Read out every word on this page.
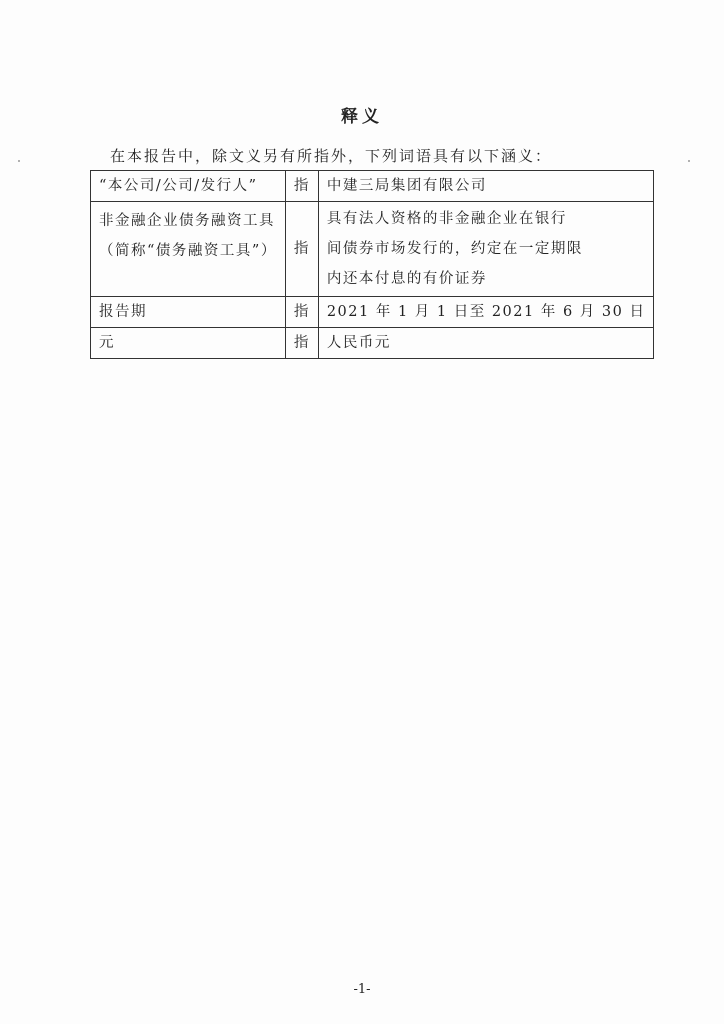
释义
在本报告中，除文义另有所指外，下列词语具有以下涵义：
“本公司/公司/发行人”	指	中建三局集团有限公司

非金融企业债务融资工具
（简称“债务融资工具”）	指	具有法人资格的非金融企业在银行
间债券市场发行的，约定在一定期限
内还本付息的有价证券

报告期	指	2021 年 1 月 1 日至 2021 年 6 月 30 日

元	指	人民币元
-1-
